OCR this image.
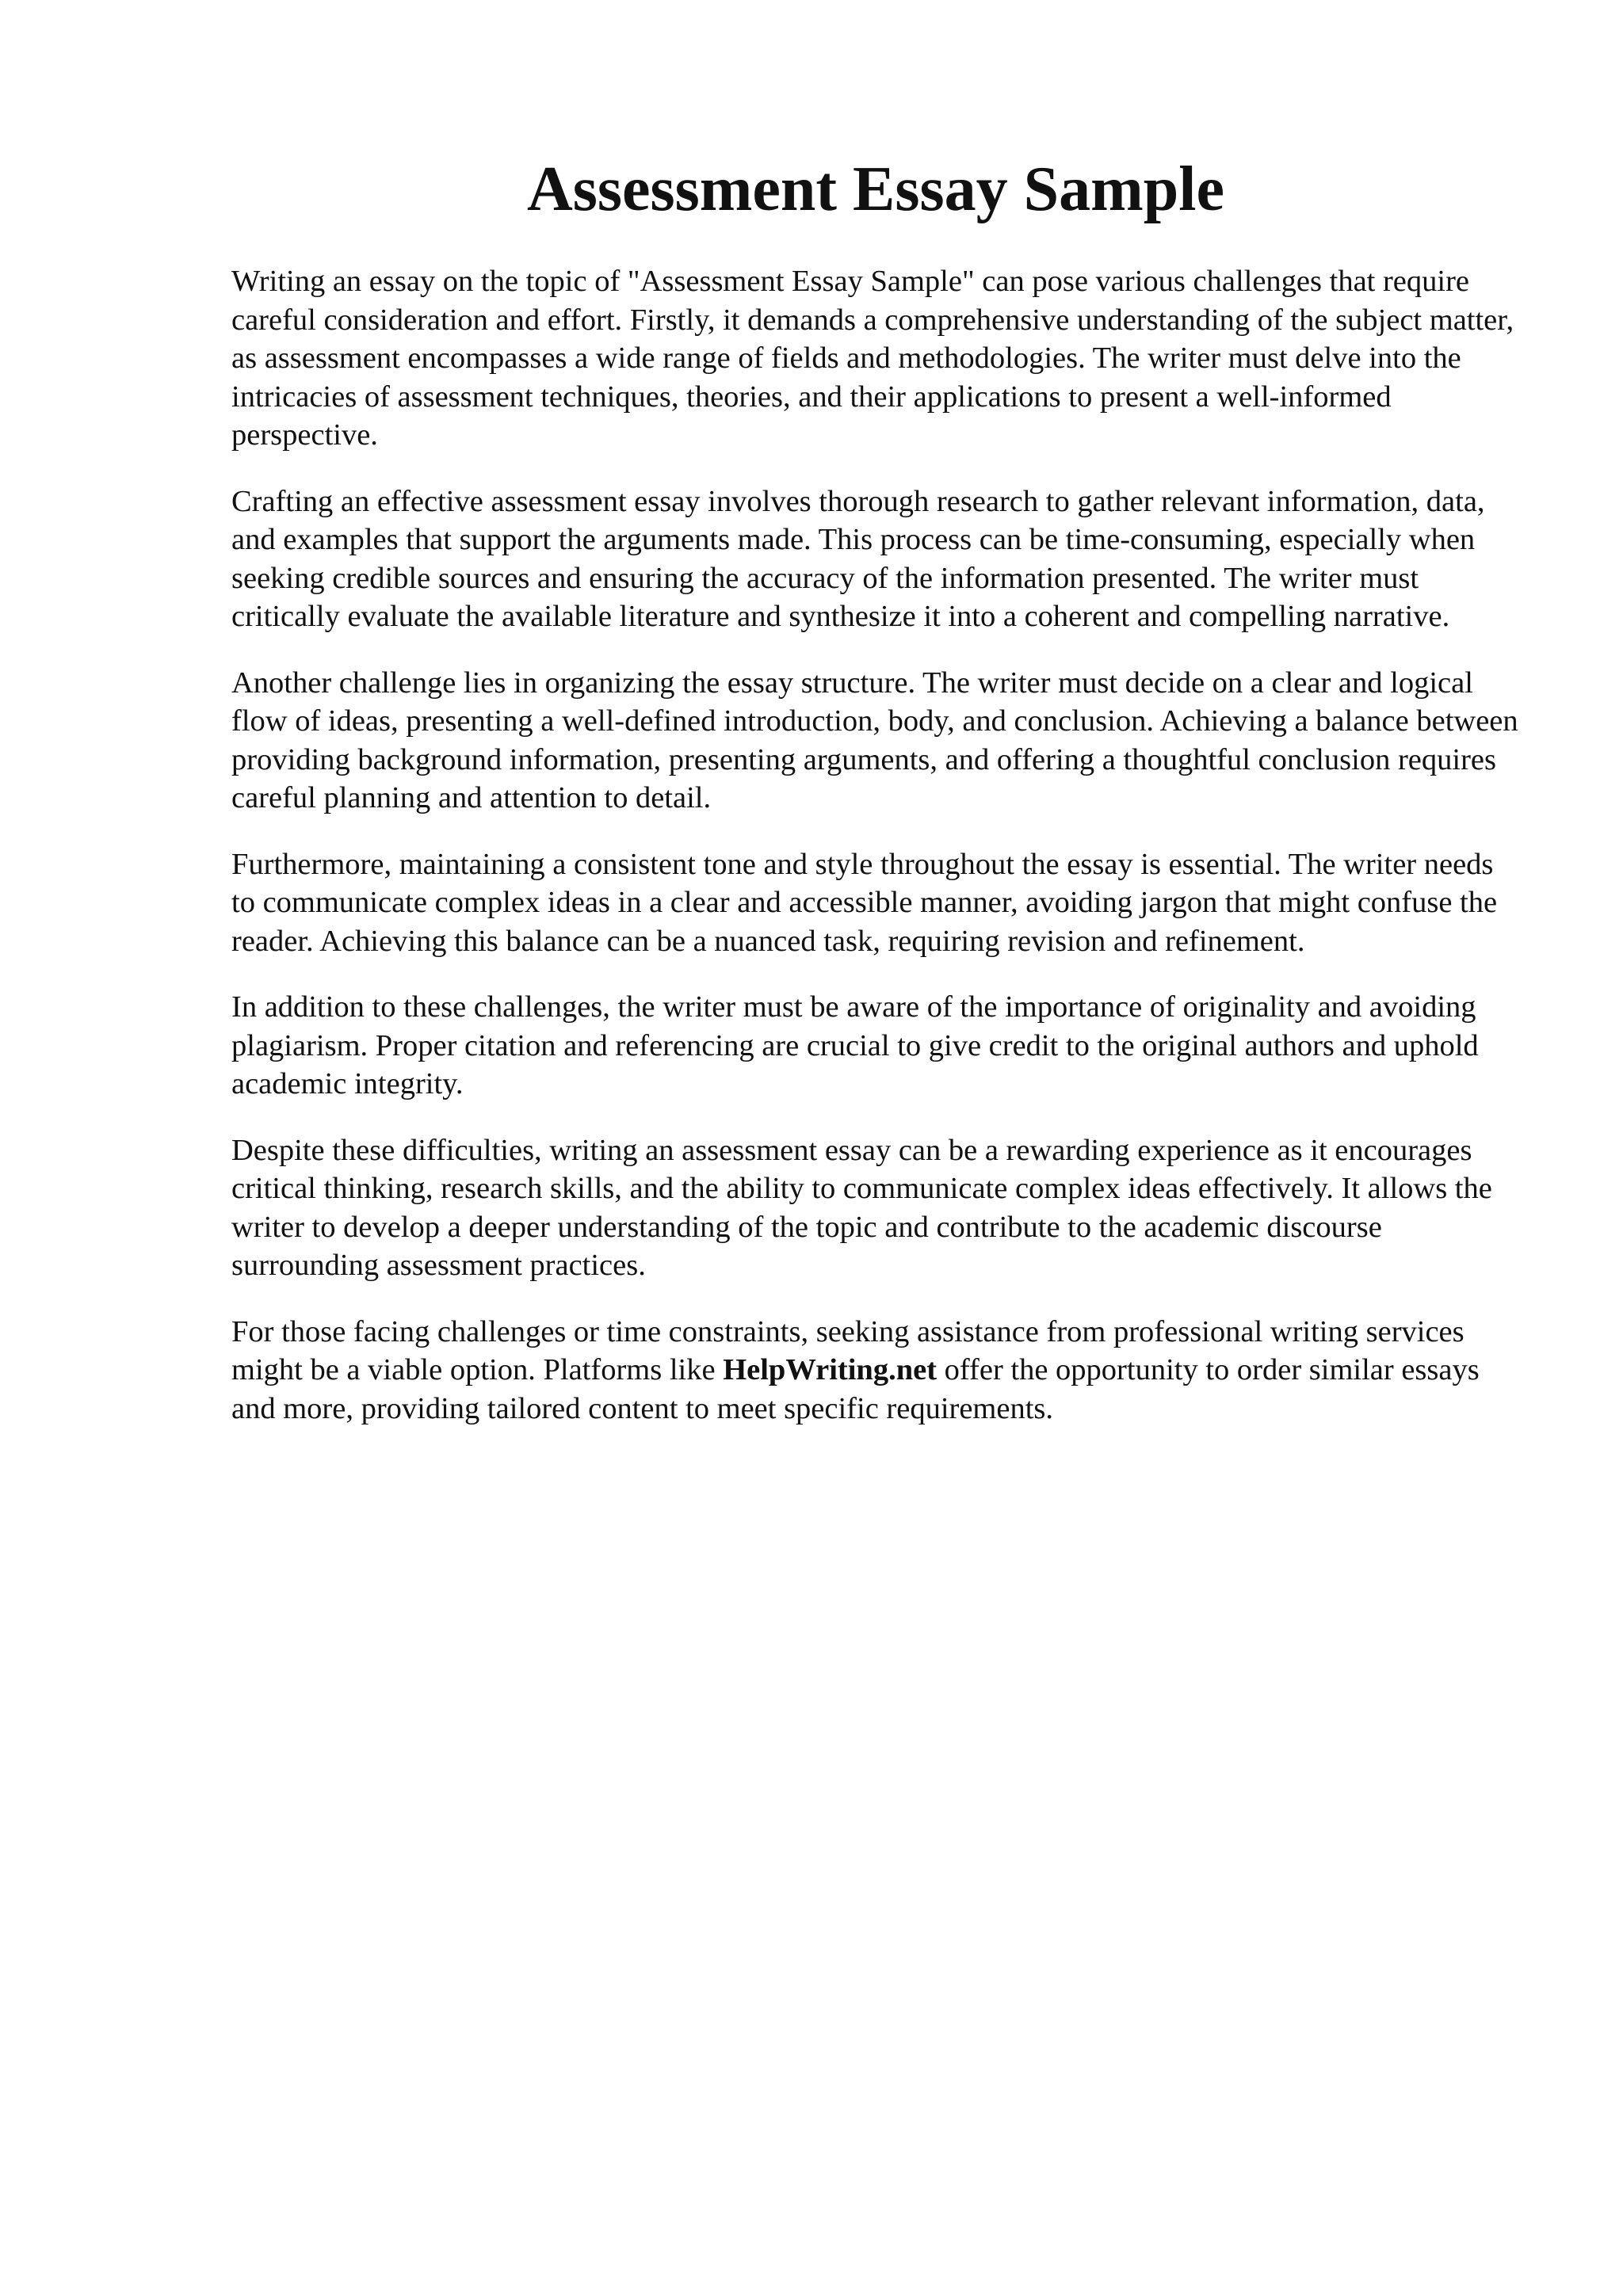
Assessment Essay Sample

Writing an essay on the topic of "Assessment Essay Sample" can pose various challenges that require careful consideration and effort. Firstly, it demands a comprehensive understanding of the subject matter, as assessment encompasses a wide range of fields and methodologies. The writer must delve into the intricacies of assessment techniques, theories, and their applications to present a well-informed perspective.

Crafting an effective assessment essay involves thorough research to gather relevant information, data, and examples that support the arguments made. This process can be time-consuming, especially when seeking credible sources and ensuring the accuracy of the information presented. The writer must critically evaluate the available literature and synthesize it into a coherent and compelling narrative.

Another challenge lies in organizing the essay structure. The writer must decide on a clear and logical flow of ideas, presenting a well-defined introduction, body, and conclusion. Achieving a balance between providing background information, presenting arguments, and offering a thoughtful conclusion requires careful planning and attention to detail.

Furthermore, maintaining a consistent tone and style throughout the essay is essential. The writer needs to communicate complex ideas in a clear and accessible manner, avoiding jargon that might confuse the reader. Achieving this balance can be a nuanced task, requiring revision and refinement.

In addition to these challenges, the writer must be aware of the importance of originality and avoiding plagiarism. Proper citation and referencing are crucial to give credit to the original authors and uphold academic integrity.

Despite these difficulties, writing an assessment essay can be a rewarding experience as it encourages critical thinking, research skills, and the ability to communicate complex ideas effectively. It allows the writer to develop a deeper understanding of the topic and contribute to the academic discourse surrounding assessment practices.

For those facing challenges or time constraints, seeking assistance from professional writing services might be a viable option. Platforms like HelpWriting.net offer the opportunity to order similar essays and more, providing tailored content to meet specific requirements.
